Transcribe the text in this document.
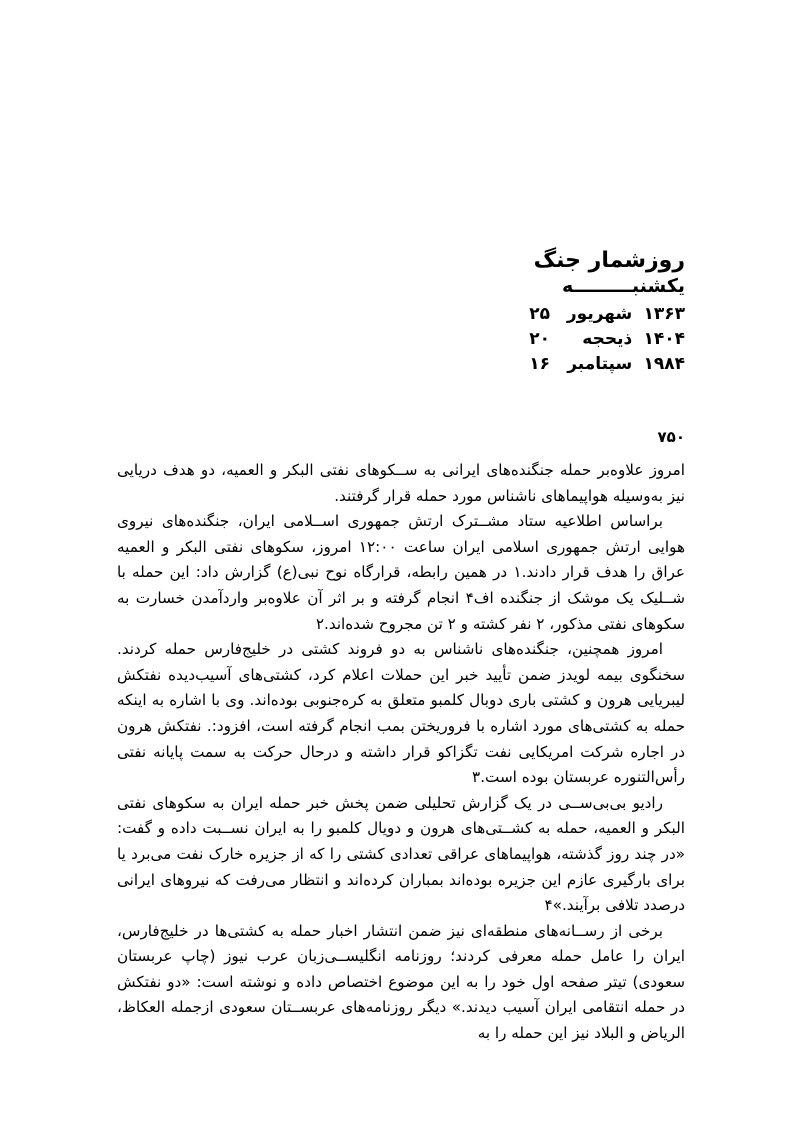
روزشمار جنگ
یکشنبـــــــــه
۱۳۶۳	شهریور	۲۵
۱۴۰۴	ذیحجه	۲۰
۱۹۸۴	سپتامبر	۱۶
۷۵۰

امروز علاوه‌بر حمله جنگنده‌های ایرانی به ســکوهای نفتی البکر و العمیه، دو هدف دریایی نیز به‌وسیله هواپیماهای ناشناس مورد حمله قرار گرفتند.

براساس اطلاعیه ستاد مشــترک ارتش جمهوری اســلامی ایران، جنگنده‌های نیروی هوایی ارتش جمهوری اسلامی ایران ساعت ۱۲:۰۰ امروز، سکوهای نفتی البکر و العمیه عراق را هدف قرار دادند.۱ در همین رابطه، قرارگاه نوح نبی(ع) گزارش داد: این حمله با شــلیک یک موشک از جنگنده اف۴ انجام گرفته و بر اثر آن علاوه‌بر واردآمدن خسارت به سکوهای نفتی مذکور، ۲ نفر کشته و ۲ تن مجروح شده‌اند.۲

امروز همچنین، جنگنده‌های ناشناس به دو فروند کشتی در خلیج‌فارس حمله کردند. سخنگوی بیمه لویدز ضمن تأیید خبر این حملات اعلام کرد، کشتی‌های آسیب‌دیده نفتکش لیبریایی هرون و کشتی باری دوبال کلمبو متعلق به کره‌جنوبی بوده‌اند. وی با اشاره به اینکه حمله به کشتی‌های مورد اشاره با فروریختن بمب انجام گرفته است، افزود:. نفتکش هرون در اجاره شرکت امریکایی نفت تگزاکو قرار داشته و درحال حرکت به سمت پایانه نفتی رأس‌التنوره عربستان بوده است.۳

رادیو بی‌بی‌ســی در یک گزارش تحلیلی ضمن پخش خبر حمله ایران به سکوهای نفتی البکر و العمیه، حمله به کشــتی‌های هرون و دویال کلمبو را به ایران نســبت داده و گفت: «در چند روز گذشته، هواپیماهای عراقی تعدادی کشتی را که از جزیره خارک نفت می‌برد یا برای بارگیری عازم این جزیره بوده‌اند بمباران کرده‌اند و انتظار می‌رفت که نیروهای ایرانی درصدد تلافی برآیند.»۴

برخی از رســانه‌های منطقه‌ای نیز ضمن انتشار اخبار حمله به کشتی‌ها در خلیج‌فارس، ایران را عامل حمله معرفی کردند؛ روزنامه انگلیســی‌زبان عرب نیوز (چاپ عربستان سعودی) تیتر صفحه اول خود را به این موضوع اختصاص داده و نوشته است: «دو نفتکش در حمله انتقامی ایران آسیب دیدند.» دیگر روزنامه‌های عربســتان سعودی ازجمله العکاظ، الریاض و البلاد نیز این حمله را به
